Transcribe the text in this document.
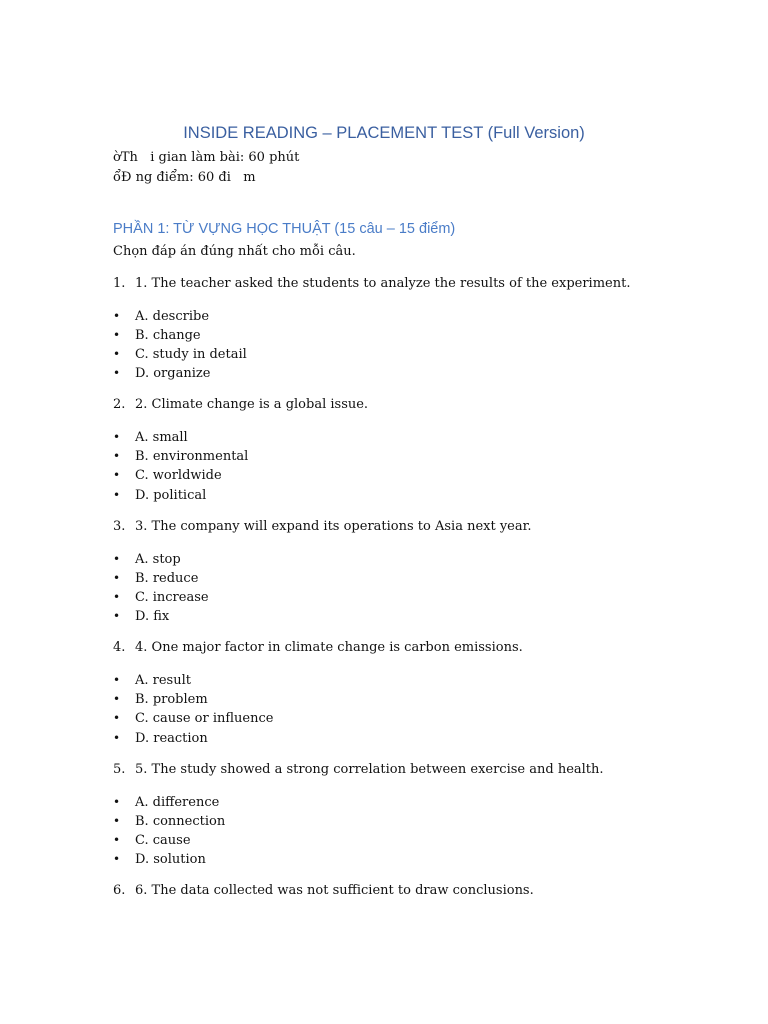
INSIDE READING – PLACEMENT TEST (Full Version)
ờTh   i gian làm bài: 60 phút
ổĐ ng điểm: 60 đi   m
PHẦN 1: TỪ VỰNG HỌC THUẬT (15 câu – 15 điểm)
Chọn đáp án đúng nhất cho mỗi câu.
1. 1. The teacher asked the students to analyze the results of the experiment.
• A. describe
• B. change
• C. study in detail
• D. organize
2. 2. Climate change is a global issue.
• A. small
• B. environmental
• C. worldwide
• D. political
3. 3. The company will expand its operations to Asia next year.
• A. stop
• B. reduce
• C. increase
• D. fix
4. 4. One major factor in climate change is carbon emissions.
• A. result
• B. problem
• C. cause or influence
• D. reaction
5. 5. The study showed a strong correlation between exercise and health.
• A. difference
• B. connection
• C. cause
• D. solution
6. 6. The data collected was not sufficient to draw conclusions.
